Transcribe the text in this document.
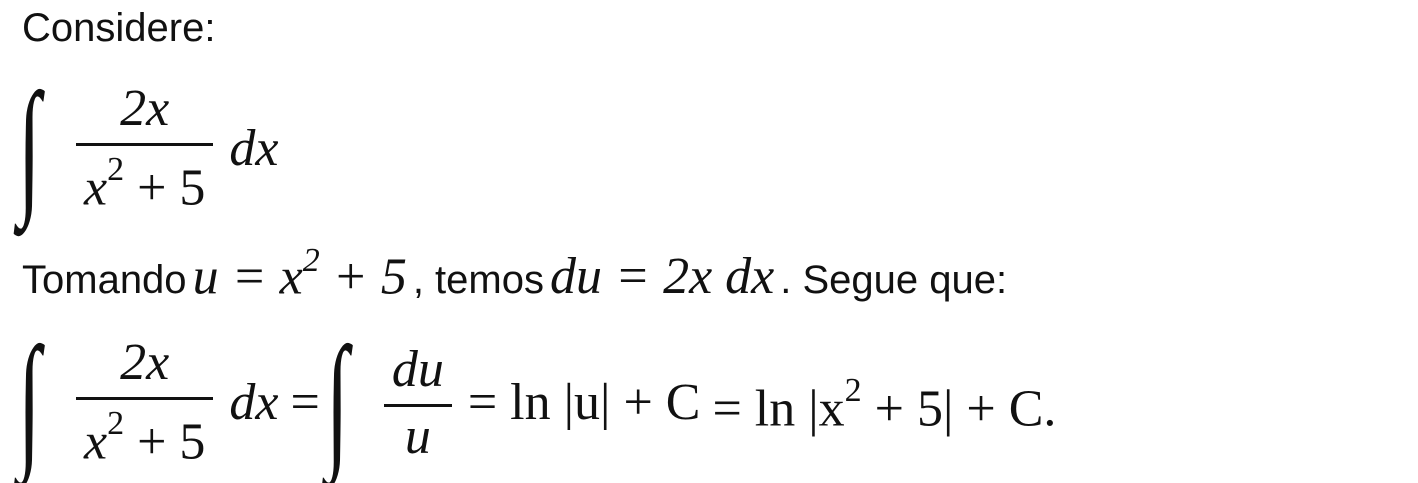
Considere:
∫ $\frac{2x}{x^2 + 5}$ dx
Tomando $u = x^2 + 5$ , temos du = 2x dx . Segue que:
∫ $\frac{2x}{x^2 + 5}$ dx = ∫ $\frac{du}{u} = \ln |u| + C = \ln |x^2 + 5| + C$.
